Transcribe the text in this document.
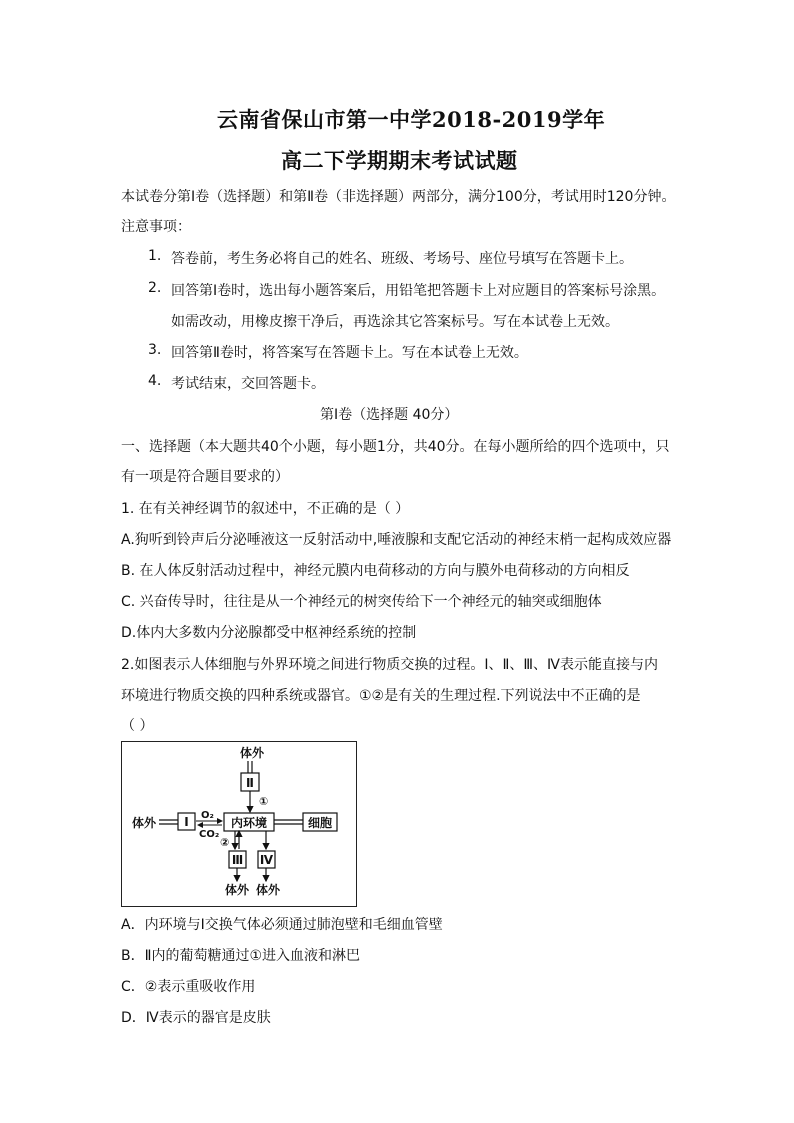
云南省保山市第一中学2018-2019学年
高二下学期期末考试试题
本试卷分第Ⅰ卷（选择题）和第Ⅱ卷（非选择题）两部分，满分100分，考试用时120分钟。
注意事项：
1. 答卷前，考生务必将自己的姓名、班级、考场号、座位号填写在答题卡上。
2. 回答第Ⅰ卷时，选出每小题答案后，用铅笔把答题卡上对应题目的答案标号涂黑。
如需改动，用橡皮擦干净后，再选涂其它答案标号。写在本试卷上无效。
3. 回答第Ⅱ卷时，将答案写在答题卡上。写在本试卷上无效。
4. 考试结束，交回答题卡。
第Ⅰ卷（选择题 40分）
一、选择题（本大题共40个小题，每小题1分，共40分。在每小题所给的四个选项中，只
有一项是符合题目要求的）
1. 在有关神经调节的叙述中，不正确的是（ ）
A.狗听到铃声后分泌唾液这一反射活动中,唾液腺和支配它活动的神经末梢一起构成效应器
B. 在人体反射活动过程中，神经元膜内电荷移动的方向与膜外电荷移动的方向相反
C. 兴奋传导时，往往是从一个神经元的树突传给下一个神经元的轴突或细胞体
D.体内大多数内分泌腺都受中枢神经系统的控制
2.如图表示人体细胞与外界环境之间进行物质交换的过程。Ⅰ、Ⅱ、Ⅲ、Ⅳ表示能直接与内
环境进行物质交换的四种系统或器官。①②是有关的生理过程.下列说法中不正确的是
（ ）
体外
Ⅱ
①
体外 Ⅰ O₂
CO₂
内环境	细胞
②
Ⅲ
体外
Ⅳ
体外
A．内环境与Ⅰ交换气体必须通过肺泡壁和毛细血管壁
B．Ⅱ内的葡萄糖通过①进入血液和淋巴
C．②表示重吸收作用
D．Ⅳ表示的器官是皮肤
